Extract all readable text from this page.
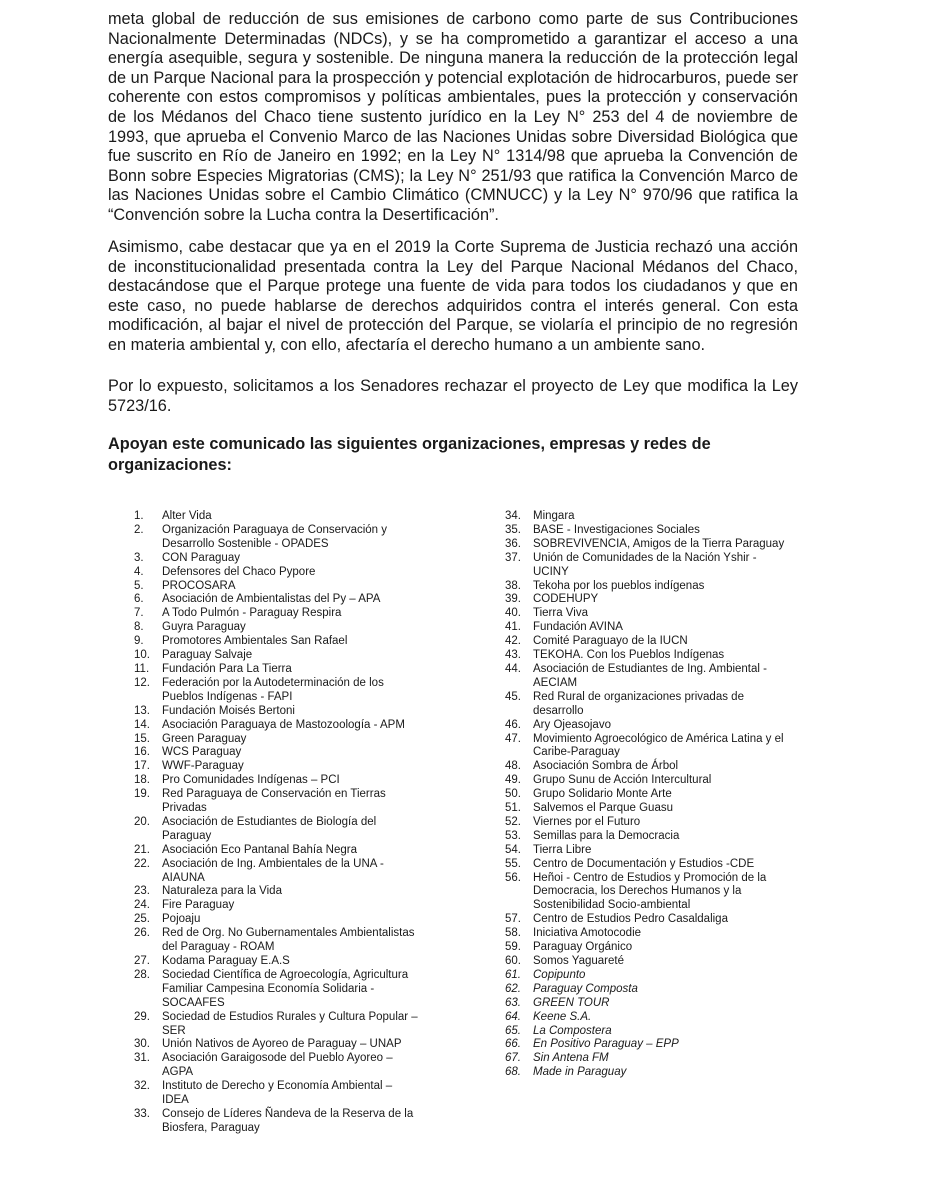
meta global de reducción de sus emisiones de carbono como parte de sus Contribuciones Nacionalmente Determinadas (NDCs), y se ha comprometido a garantizar el acceso a una energía asequible, segura y sostenible. De ninguna manera la reducción de la protección legal de un Parque Nacional para la prospección y potencial explotación de hidrocarburos, puede ser coherente con estos compromisos y políticas ambientales, pues la protección y conservación de los Médanos del Chaco tiene sustento jurídico en la Ley N° 253 del 4 de noviembre de 1993, que aprueba el Convenio Marco de las Naciones Unidas sobre Diversidad Biológica que fue suscrito en Río de Janeiro en 1992; en la Ley N° 1314/98 que aprueba la Convención de Bonn sobre Especies Migratorias (CMS); la Ley N° 251/93 que ratifica la Convención Marco de las Naciones Unidas sobre el Cambio Climático (CMNUCC) y la Ley N° 970/96 que ratifica la “Convención sobre la Lucha contra la Desertificación”.

Asimismo, cabe destacar que ya en el 2019 la Corte Suprema de Justicia rechazó una acción de inconstitucionalidad presentada contra la Ley del Parque Nacional Médanos del Chaco, destacándose que el Parque protege una fuente de vida para todos los ciudadanos y que en este caso, no puede hablarse de derechos adquiridos contra el interés general. Con esta modificación, al bajar el nivel de protección del Parque, se violaría el principio de no regresión en materia ambiental y, con ello, afectaría el derecho humano a un ambiente sano.

Por lo expuesto, solicitamos a los Senadores rechazar el proyecto de Ley que modifica la Ley 5723/16.

Apoyan este comunicado las siguientes organizaciones, empresas y redes de organizaciones:

1.	Alter Vida
2.	Organización Paraguaya de Conservación y Desarrollo Sostenible - OPADES
3.	CON Paraguay
4.	Defensores del Chaco Pypore
5.	PROCOSARA
6.	Asociación de Ambientalistas del Py – APA
7.	A Todo Pulmón - Paraguay Respira
8.	Guyra Paraguay
9.	Promotores Ambientales San Rafael
10.	Paraguay Salvaje
11.	Fundación Para La Tierra
12.	Federación por la Autodeterminación de los Pueblos Indígenas - FAPI
13.	Fundación Moisés Bertoni
14.	Asociación Paraguaya de Mastozoología - APM
15.	Green Paraguay
16.	WCS Paraguay
17.	WWF-Paraguay
18.	Pro Comunidades Indígenas – PCI
19.	Red Paraguaya de Conservación en Tierras Privadas
20.	Asociación de Estudiantes de Biología del Paraguay
21.	Asociación Eco Pantanal Bahía Negra
22.	Asociación de Ing. Ambientales de la UNA - AIAUNA
23.	Naturaleza para la Vida
24.	Fire Paraguay
25.	Pojoaju
26.	Red de Org. No Gubernamentales Ambientalistas del Paraguay - ROAM
27.	Kodama Paraguay E.A.S
28.	Sociedad Científica de Agroecología, Agricultura Familiar Campesina Economía Solidaria - SOCAAFES
29.	Sociedad de Estudios Rurales y Cultura Popular – SER
30.	Unión Nativos de Ayoreo de Paraguay – UNAP
31.	Asociación Garaigosode del Pueblo Ayoreo – AGPA
32.	Instituto de Derecho y Economía Ambiental – IDEA
33.	Consejo de Líderes Ñandeva de la Reserva de la Biosfera, Paraguay
34.	Mingara
35.	BASE - Investigaciones Sociales
36.	SOBREVIVENCIA, Amigos de la Tierra Paraguay
37.	Unión de Comunidades de la Nación Yshir - UCINY
38.	Tekoha por los pueblos indígenas
39.	CODEHUPY
40.	Tierra Viva
41.	Fundación AVINA
42.	Comité Paraguayo de la IUCN
43.	TEKOHA. Con los Pueblos Indígenas
44.	Asociación de Estudiantes de Ing. Ambiental - AECIAM
45.	Red Rural de organizaciones privadas de desarrollo
46.	Ary Ojeasojavo
47.	Movimiento Agroecológico de América Latina y el Caribe-Paraguay
48.	Asociación Sombra de Árbol
49.	Grupo Sunu de Acción Intercultural
50.	Grupo Solidario Monte Arte
51.	Salvemos el Parque Guasu
52.	Viernes por el Futuro
53.	Semillas para la Democracia
54.	Tierra Libre
55.	Centro de Documentación y Estudios -CDE
56.	Heñoi - Centro de Estudios y Promoción de la Democracia, los Derechos Humanos y la Sostenibilidad Socio-ambiental
57.	Centro de Estudios Pedro Casaldaliga
58.	Iniciativa Amotocodie
59.	Paraguay Orgánico
60.	Somos Yaguareté
61.	Copipunto
62.	Paraguay Composta
63.	GREEN TOUR
64.	Keene S.A.
65.	La Compostera
66.	En Positivo Paraguay – EPP
67.	Sin Antena FM
68.	Made in Paraguay
